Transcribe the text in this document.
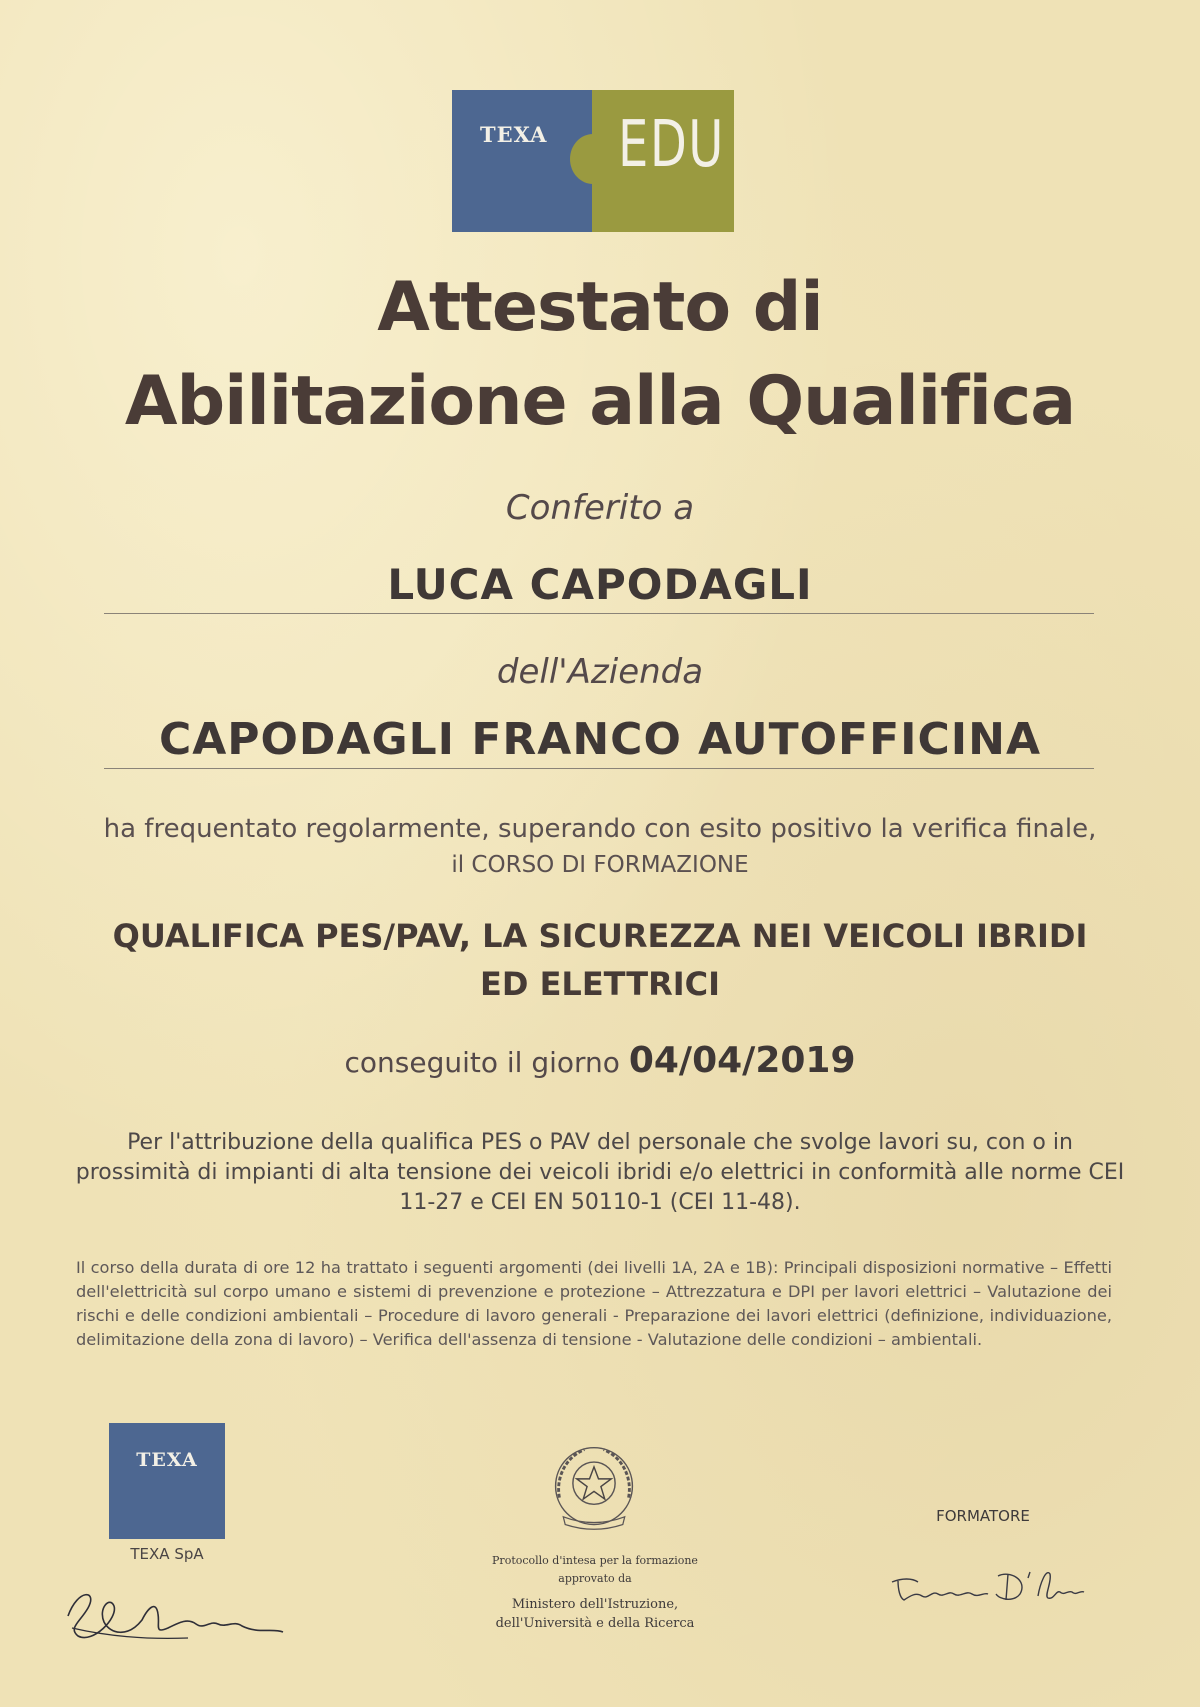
TEXA EDU
Attestato di
Abilitazione alla Qualifica
Conferito a
LUCA CAPODAGLI
dell'Azienda
CAPODAGLI FRANCO AUTOFFICINA
ha frequentato regolarmente, superando con esito positivo la verifica finale,
il CORSO DI FORMAZIONE
QUALIFICA PES/PAV, LA SICUREZZA NEI VEICOLI IBRIDI
ED ELETTRICI
conseguito il giorno 04/04/2019
Per l'attribuzione della qualifica PES o PAV del personale che svolge lavori su, con o in prossimità di impianti di alta tensione dei veicoli ibridi e/o elettrici in conformità alle norme CEI 11-27 e CEI EN 50110-1 (CEI 11-48).
Il corso della durata di ore 12 ha trattato i seguenti argomenti (dei livelli 1A, 2A e 1B): Principali disposizioni normative – Effetti dell'elettricità sul corpo umano e sistemi di prevenzione e protezione – Attrezzatura e DPI per lavori elettrici – Valutazione dei rischi e delle condizioni ambientali – Procedure di lavoro generali - Preparazione dei lavori elettrici (definizione, individuazione, delimitazione della zona di lavoro) – Verifica dell'assenza di tensione - Valutazione delle condizioni – ambientali.
TEXA
TEXA SpA	Protocollo d'intesa per la formazione
approvato da
Ministero dell'Istruzione,
dell'Università e della Ricerca
FORMATORE
